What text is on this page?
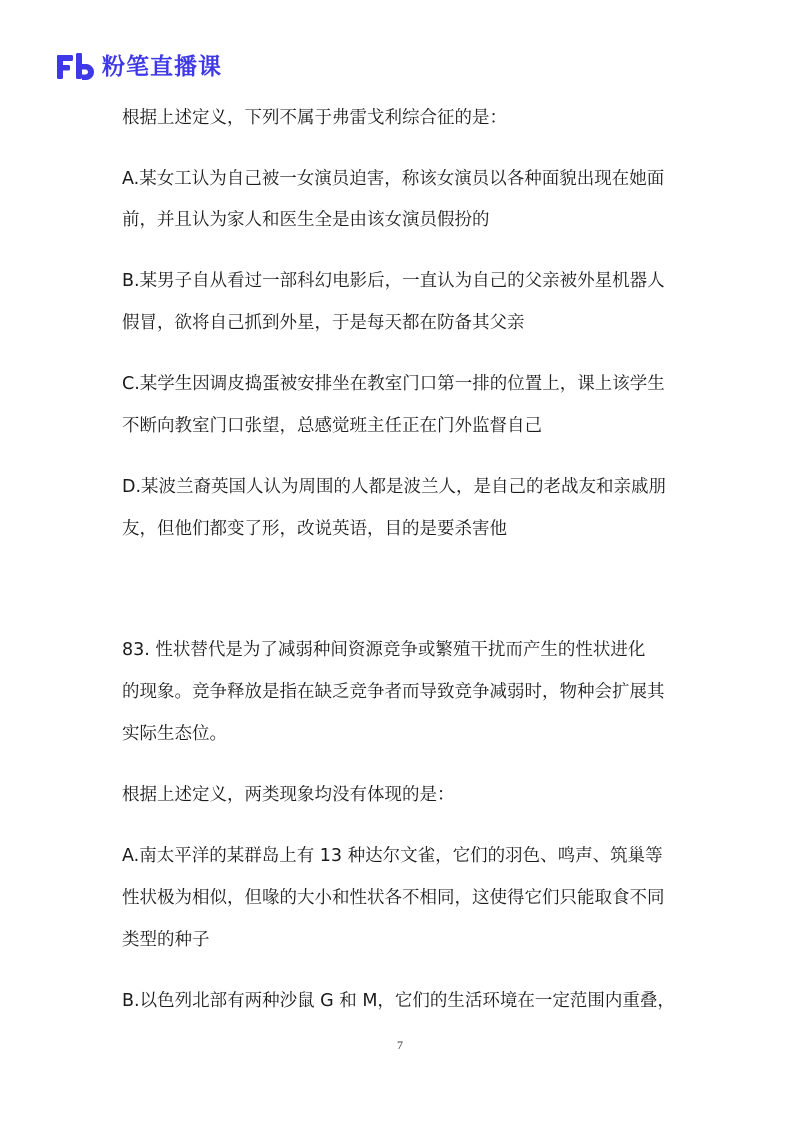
粉笔直播课
根据上述定义，下列不属于弗雷戈利综合征的是：
A.某女工认为自己被一女演员迫害，称该女演员以各种面貌出现在她面
前，并且认为家人和医生全是由该女演员假扮的
B.某男子自从看过一部科幻电影后，一直认为自己的父亲被外星机器人
假冒，欲将自己抓到外星，于是每天都在防备其父亲
C.某学生因调皮捣蛋被安排坐在教室门口第一排的位置上，课上该学生
不断向教室门口张望，总感觉班主任正在门外监督自己
D.某波兰裔英国人认为周围的人都是波兰人，是自己的老战友和亲戚朋
友，但他们都变了形，改说英语，目的是要杀害他
83. 性状替代是为了减弱种间资源竞争或繁殖干扰而产生的性状进化
的现象。竞争释放是指在缺乏竞争者而导致竞争减弱时，物种会扩展其
实际生态位。
根据上述定义，两类现象均没有体现的是：
A.南太平洋的某群岛上有 13 种达尔文雀，它们的羽色、鸣声、筑巢等
性状极为相似，但喙的大小和性状各不相同，这使得它们只能取食不同
类型的种子
B.以色列北部有两种沙鼠 G 和 M，它们的生活环境在一定范围内重叠，
7
